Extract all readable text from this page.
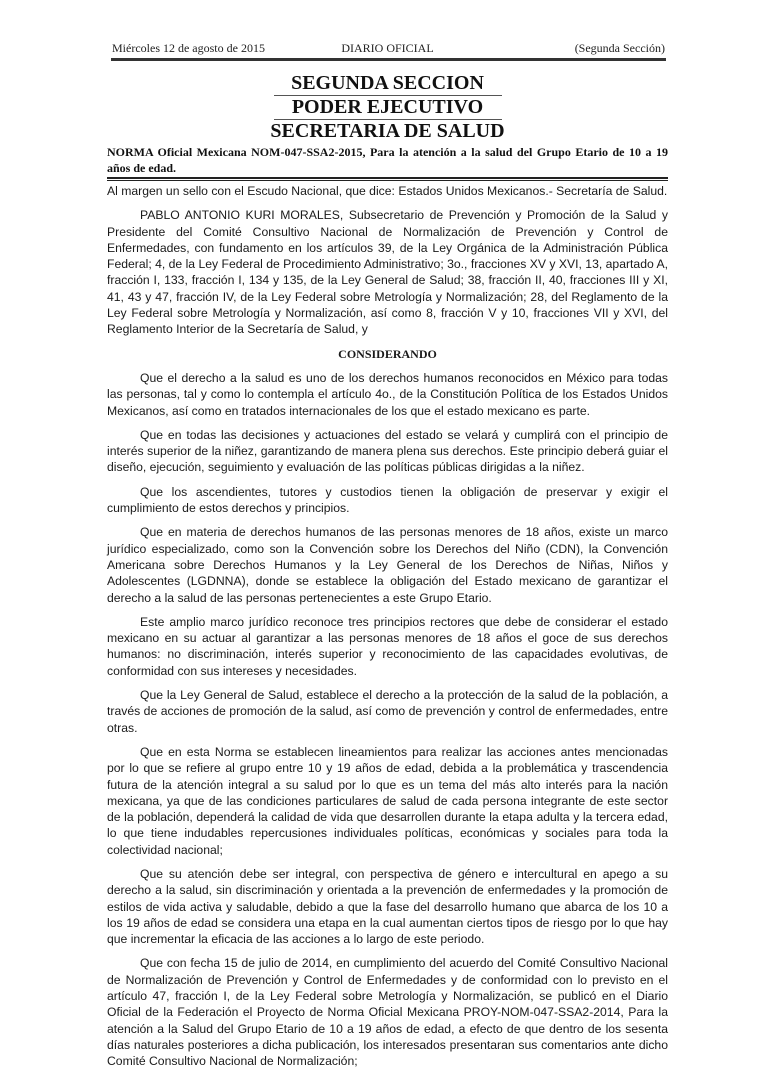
Miércoles 12 de agosto de 2015	DIARIO OFICIAL	(Segunda Sección)
SEGUNDA SECCION
PODER EJECUTIVO
SECRETARIA DE SALUD
NORMA Oficial Mexicana NOM-047-SSA2-2015, Para la atención a la salud del Grupo Etario de 10 a 19 años de edad.

Al margen un sello con el Escudo Nacional, que dice: Estados Unidos Mexicanos.- Secretaría de Salud.

PABLO ANTONIO KURI MORALES, Subsecretario de Prevención y Promoción de la Salud y Presidente del Comité Consultivo Nacional de Normalización de Prevención y Control de Enfermedades, con fundamento en los artículos 39, de la Ley Orgánica de la Administración Pública Federal; 4, de la Ley Federal de Procedimiento Administrativo; 3o., fracciones XV y XVI, 13, apartado A, fracción I, 133, fracción I, 134 y 135, de la Ley General de Salud; 38, fracción II, 40, fracciones III y XI, 41, 43 y 47, fracción IV, de la Ley Federal sobre Metrología y Normalización; 28, del Reglamento de la Ley Federal sobre Metrología y Normalización, así como 8, fracción V y 10, fracciones VII y XVI, del Reglamento Interior de la Secretaría de Salud, y

CONSIDERANDO

Que el derecho a la salud es uno de los derechos humanos reconocidos en México para todas las personas, tal y como lo contempla el artículo 4o., de la Constitución Política de los Estados Unidos Mexicanos, así como en tratados internacionales de los que el estado mexicano es parte.

Que en todas las decisiones y actuaciones del estado se velará y cumplirá con el principio de interés superior de la niñez, garantizando de manera plena sus derechos. Este principio deberá guiar el diseño, ejecución, seguimiento y evaluación de las políticas públicas dirigidas a la niñez.

Que los ascendientes, tutores y custodios tienen la obligación de preservar y exigir el cumplimiento de estos derechos y principios.

Que en materia de derechos humanos de las personas menores de 18 años, existe un marco jurídico especializado, como son la Convención sobre los Derechos del Niño (CDN), la Convención Americana sobre Derechos Humanos y la Ley General de los Derechos de Niñas, Niños y Adolescentes (LGDNNA), donde se establece la obligación del Estado mexicano de garantizar el derecho a la salud de las personas pertenecientes a este Grupo Etario.

Este amplio marco jurídico reconoce tres principios rectores que debe de considerar el estado mexicano en su actuar al garantizar a las personas menores de 18 años el goce de sus derechos humanos: no discriminación, interés superior y reconocimiento de las capacidades evolutivas, de conformidad con sus intereses y necesidades.

Que la Ley General de Salud, establece el derecho a la protección de la salud de la población, a través de acciones de promoción de la salud, así como de prevención y control de enfermedades, entre otras.

Que en esta Norma se establecen lineamientos para realizar las acciones antes mencionadas por lo que se refiere al grupo entre 10 y 19 años de edad, debida a la problemática y trascendencia futura de la atención integral a su salud por lo que es un tema del más alto interés para la nación mexicana, ya que de las condiciones particulares de salud de cada persona integrante de este sector de la población, dependerá la calidad de vida que desarrollen durante la etapa adulta y la tercera edad, lo que tiene indudables repercusiones individuales políticas, económicas y sociales para toda la colectividad nacional;

Que su atención debe ser integral, con perspectiva de género e intercultural en apego a su derecho a la salud, sin discriminación y orientada a la prevención de enfermedades y la promoción de estilos de vida activa y saludable, debido a que la fase del desarrollo humano que abarca de los 10 a los 19 años de edad se considera una etapa en la cual aumentan ciertos tipos de riesgo por lo que hay que incrementar la eficacia de las acciones a lo largo de este periodo.

Que con fecha 15 de julio de 2014, en cumplimiento del acuerdo del Comité Consultivo Nacional de Normalización de Prevención y Control de Enfermedades y de conformidad con lo previsto en el artículo 47, fracción I, de la Ley Federal sobre Metrología y Normalización, se publicó en el Diario Oficial de la Federación el Proyecto de Norma Oficial Mexicana PROY-NOM-047-SSA2-2014, Para la atención a la Salud del Grupo Etario de 10 a 19 años de edad, a efecto de que dentro de los sesenta días naturales posteriores a dicha publicación, los interesados presentaran sus comentarios ante dicho Comité Consultivo Nacional de Normalización;
